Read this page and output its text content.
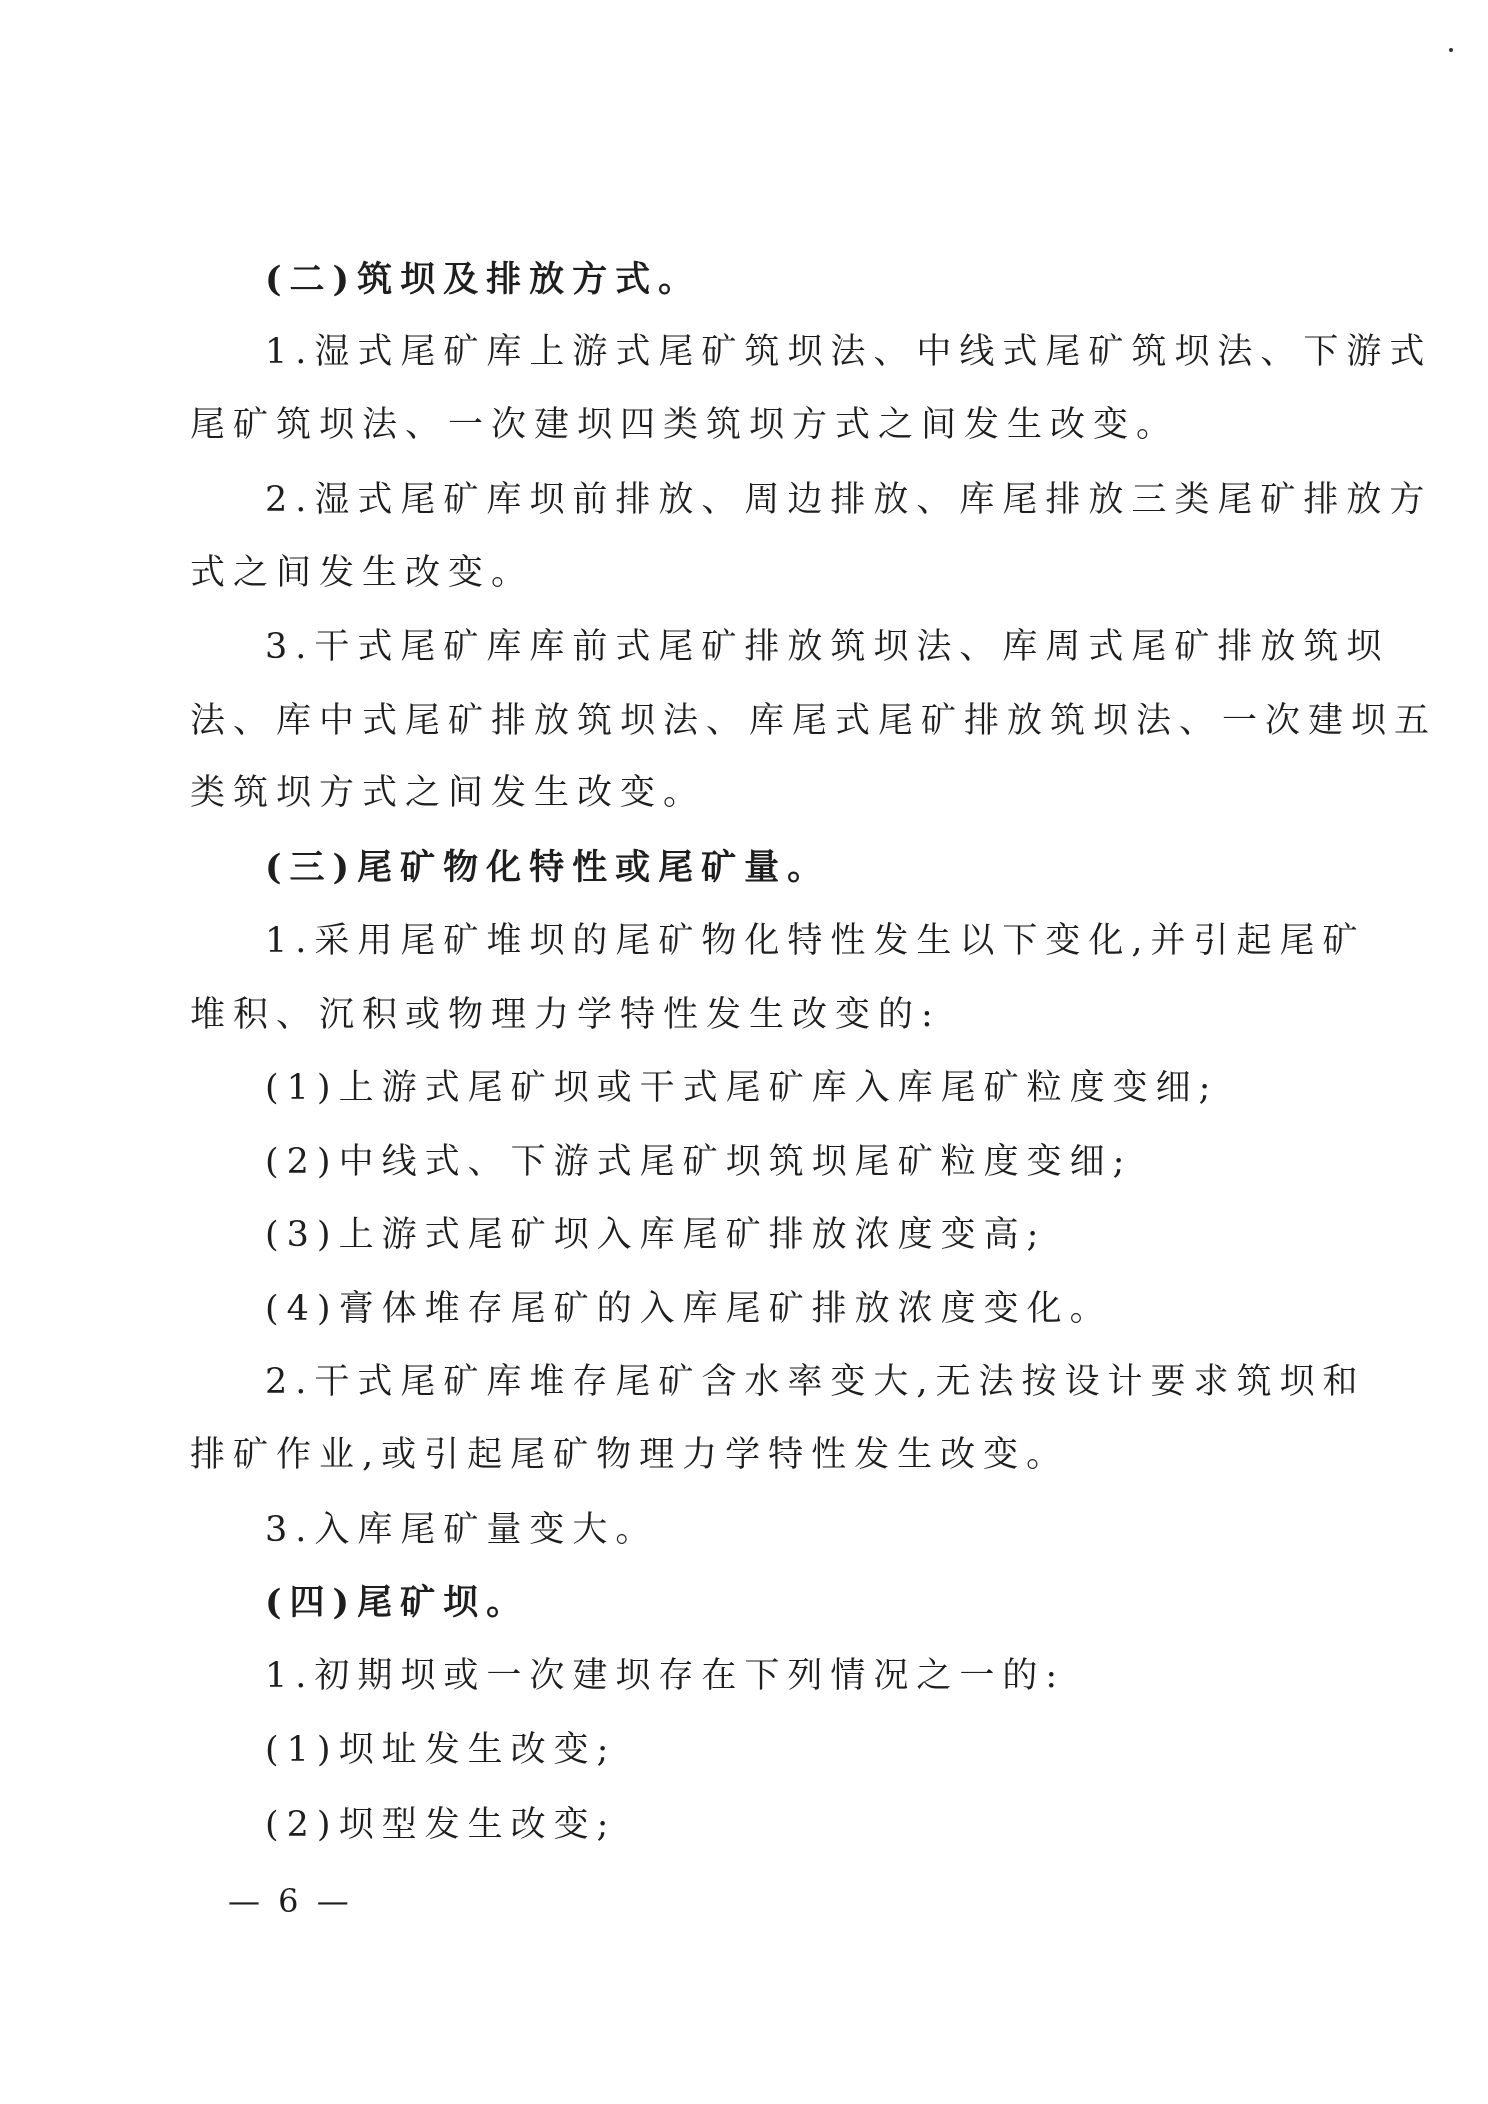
(二)筑坝及排放方式。
1.湿式尾矿库上游式尾矿筑坝法、中线式尾矿筑坝法、下游式
尾矿筑坝法、一次建坝四类筑坝方式之间发生改变。
2.湿式尾矿库坝前排放、周边排放、库尾排放三类尾矿排放方
式之间发生改变。
3.干式尾矿库库前式尾矿排放筑坝法、库周式尾矿排放筑坝
法、库中式尾矿排放筑坝法、库尾式尾矿排放筑坝法、一次建坝五
类筑坝方式之间发生改变。
(三)尾矿物化特性或尾矿量。
1.采用尾矿堆坝的尾矿物化特性发生以下变化,并引起尾矿
堆积、沉积或物理力学特性发生改变的:
(1)上游式尾矿坝或干式尾矿库入库尾矿粒度变细;
(2)中线式、下游式尾矿坝筑坝尾矿粒度变细;
(3)上游式尾矿坝入库尾矿排放浓度变高;
(4)膏体堆存尾矿的入库尾矿排放浓度变化。
2.干式尾矿库堆存尾矿含水率变大,无法按设计要求筑坝和
排矿作业,或引起尾矿物理力学特性发生改变。
3.入库尾矿量变大。
(四)尾矿坝。
1.初期坝或一次建坝存在下列情况之一的:
(1)坝址发生改变;
(2)坝型发生改变;
— 6 —
